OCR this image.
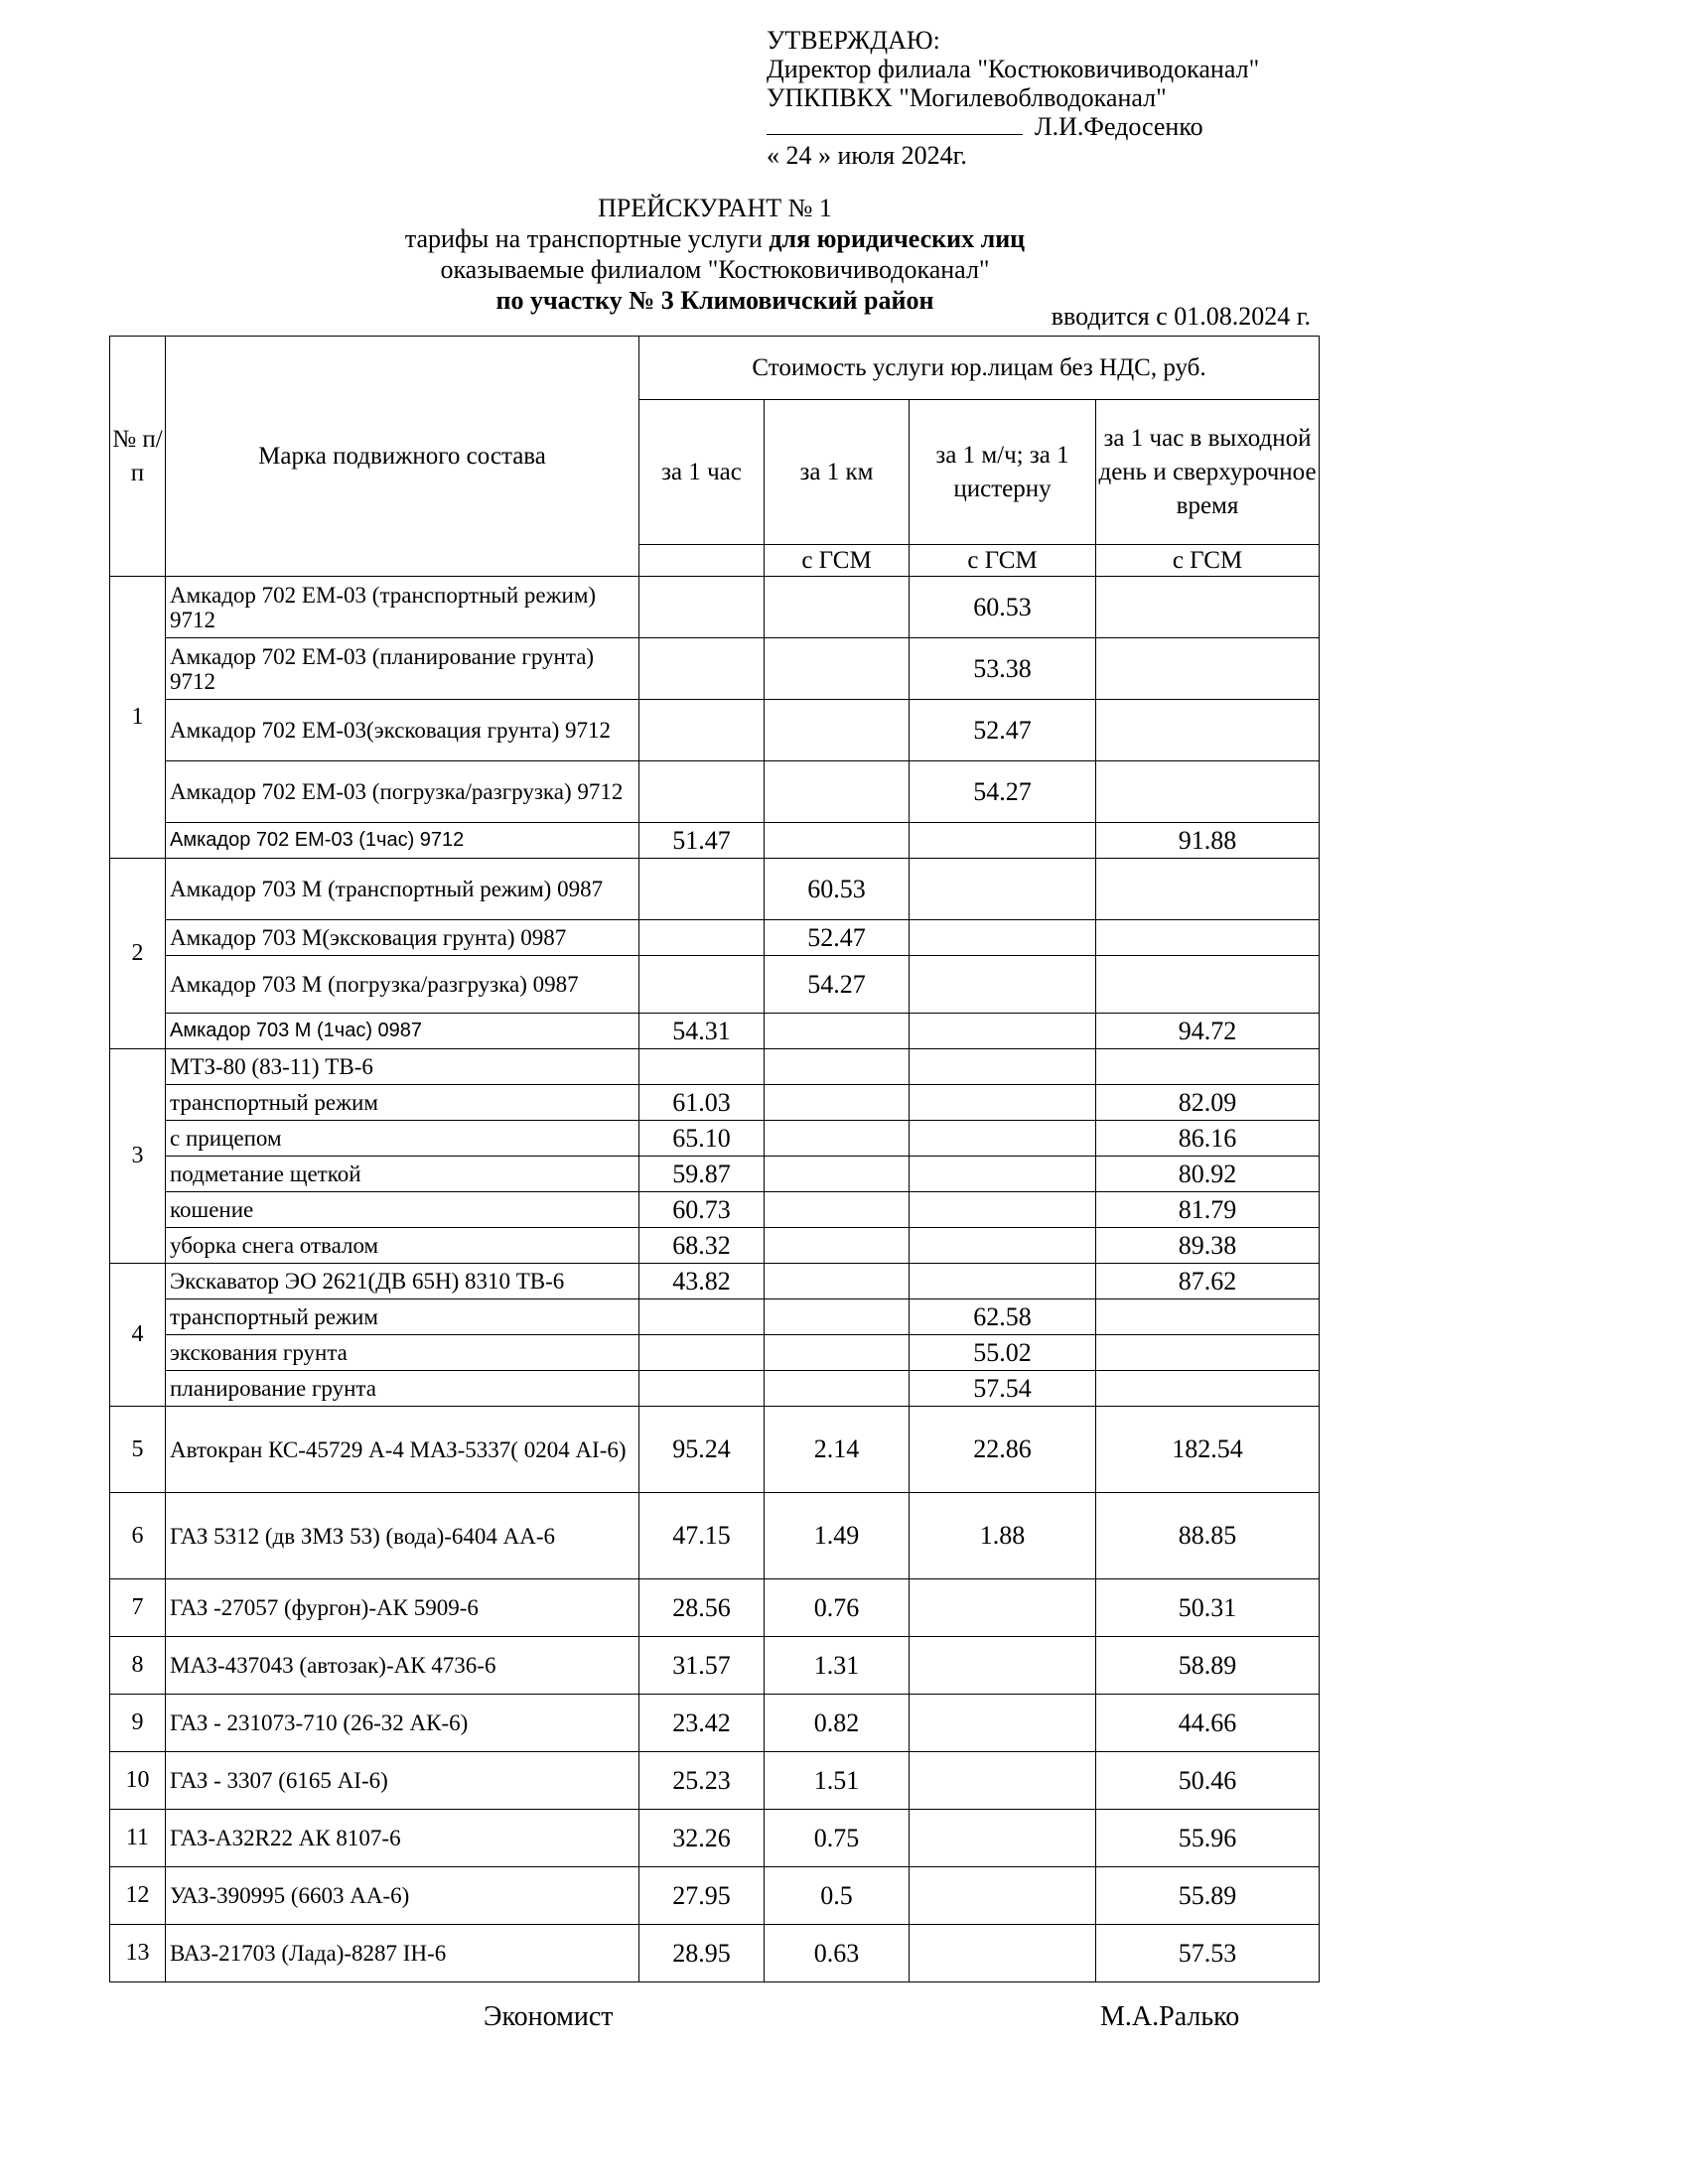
УТВЕРЖДАЮ:
Директор филиала "Костюковичиводоканал"
УПКПВКХ "Могилевоблводоканал"
Л.И.Федосенко
« 24 » июля 2024г.
ПРЕЙСКУРАНТ № 1
тарифы на транспортные услуги для юридических лиц
оказываемые филиалом "Костюковичиводоканал"
по участку № 3 Климовичский район
вводится с 01.08.2024 г.
№ п/п	Марка подвижного состава	Стоимость услуги юр.лицам без НДС, руб.			
		за 1 час	за 1 км	за 1 м/ч; за 1 цистерну	за 1 час в выходной день и сверхурочное время
			с ГСМ	с ГСМ	с ГСМ
1	Амкадор 702 ЕМ-03 (транспортный режим) 9712			60.53	
	Амкадор 702 ЕМ-03 (планирование грунта) 9712			53.38	
	Амкадор 702 ЕМ-03(эксковация грунта) 9712			52.47	
	Амкадор 702 ЕМ-03 (погрузка/разгрузка) 9712			54.27	
	Амкадор 702 ЕМ-03 (1час) 9712	51.47			91.88
2	Амкадор 703 М (транспортный режим) 0987		60.53		
	Амкадор 703 М(эксковация грунта) 0987		52.47		
	Амкадор 703 М (погрузка/разгрузка) 0987		54.27		
	Амкадор 703 М (1час) 0987	54.31			94.72
3	МТЗ-80 (83-11) ТВ-6				
	транспортный режим	61.03			82.09
	с прицепом	65.10			86.16
	подметание щеткой	59.87			80.92
	кошение	60.73			81.79
	уборка снега отвалом	68.32			89.38
4	Экскаватор ЭО 2621(ДВ 65Н) 8310 ТВ-6	43.82			87.62
	транспортный режим			62.58	
	экскования грунта			55.02	
	планирование грунта			57.54	
5	Автокран КС-45729 А-4 МАЗ-5337( 0204 АІ-6)	95.24	2.14	22.86	182.54
6	ГАЗ 5312 (дв ЗМЗ 53) (вода)-6404 АА-6	47.15	1.49	1.88	88.85
7	ГАЗ -27057 (фургон)-АК 5909-6	28.56	0.76		50.31
8	МАЗ-437043 (автозак)-АК 4736-6	31.57	1.31		58.89
9	ГАЗ - 231073-710 (26-32 АК-6)	23.42	0.82		44.66
10	ГАЗ - 3307 (6165 АІ-6)	25.23	1.51		50.46
11	ГАЗ-А32R22 АК 8107-6	32.26	0.75		55.96
12	УАЗ-390995 (6603 АА-6)	27.95	0.5		55.89
13	ВАЗ-21703 (Лада)-8287 ІН-6	28.95	0.63		57.53
Экономист	М.А.Ралько
